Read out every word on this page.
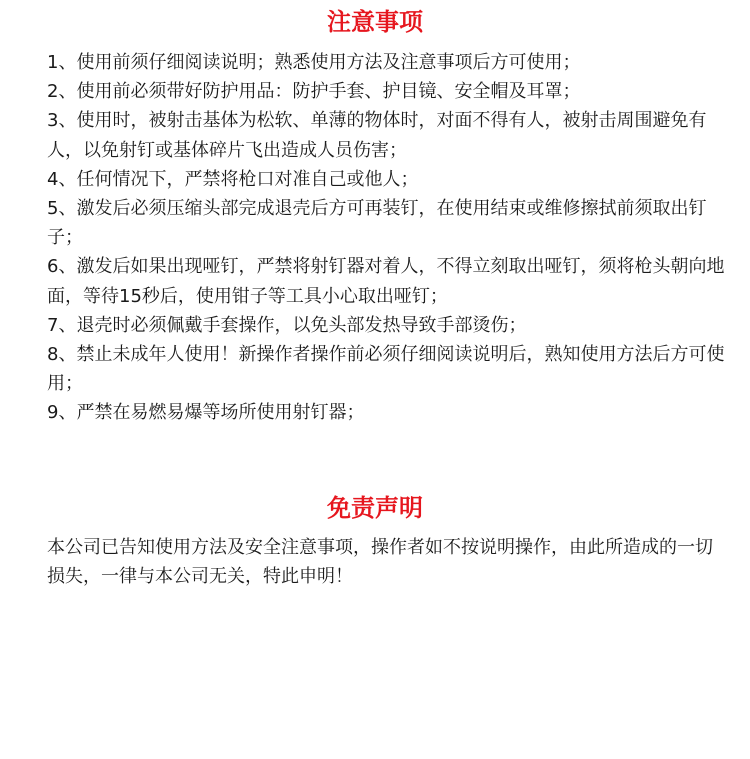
注意事项
1、使用前须仔细阅读说明；熟悉使用方法及注意事项后方可使用；
2、使用前必须带好防护用品：防护手套、护目镜、安全帽及耳罩；
3、使用时，被射击基体为松软、单薄的物体时，对面不得有人，被射击周围避免有人，以免射钉或基体碎片飞出造成人员伤害；
4、任何情况下，严禁将枪口对准自己或他人；
5、激发后必须压缩头部完成退壳后方可再装钉，在使用结束或维修擦拭前须取出钉子；
6、激发后如果出现哑钉，严禁将射钉器对着人，不得立刻取出哑钉，须将枪头朝向地面，等待15秒后，使用钳子等工具小心取出哑钉；
7、退壳时必须佩戴手套操作，以免头部发热导致手部烫伤；
8、禁止未成年人使用！新操作者操作前必须仔细阅读说明后，熟知使用方法后方可使用；
9、严禁在易燃易爆等场所使用射钉器；
免责声明

本公司已告知使用方法及安全注意事项，操作者如不按说明操作，由此所造成的一切损失，一律与本公司无关，特此申明！
